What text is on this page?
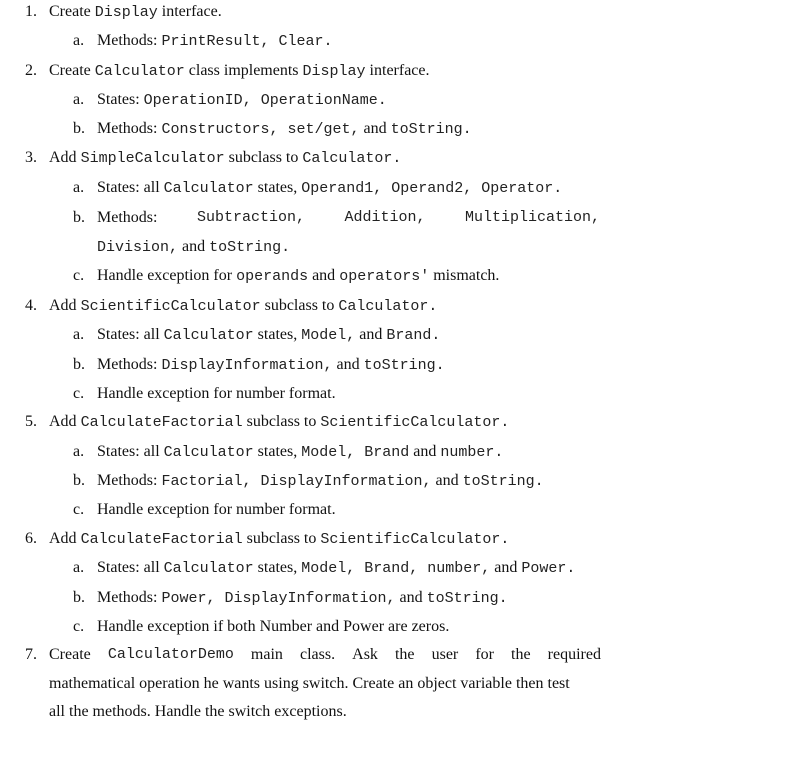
1. Create Display interface.
a. Methods: PrintResult, Clear.
2. Create Calculator class implements Display interface.
a. States: OperationID, OperationName.
b. Methods: Constructors, set/get, and toString.
3. Add SimpleCalculator subclass to Calculator.
a. States: all Calculator states, Operand1, Operand2, Operator.
b. Methods:	Subtraction,	Addition,	Multiplication,
Division, and toString.
c. Handle exception for operands and operators' mismatch.
4. Add ScientificCalculator subclass to Calculator.
a. States: all Calculator states, Model, and Brand.
b. Methods: DisplayInformation, and toString.
c. Handle exception for number format.
5. Add CalculateFactorial subclass to ScientificCalculator.
a. States: all Calculator states, Model, Brand and number.
b. Methods: Factorial, DisplayInformation, and toString.
c. Handle exception for number format.
6. Add CalculateFactorial subclass to ScientificCalculator.
a. States: all Calculator states, Model, Brand, number, and Power.
b. Methods: Power, DisplayInformation, and toString.
c. Handle exception if both Number and Power are zeros.
7. Create CalculatorDemo main class. Ask the user for the required
mathematical operation he wants using switch. Create an object variable then test
all the methods. Handle the switch exceptions.
